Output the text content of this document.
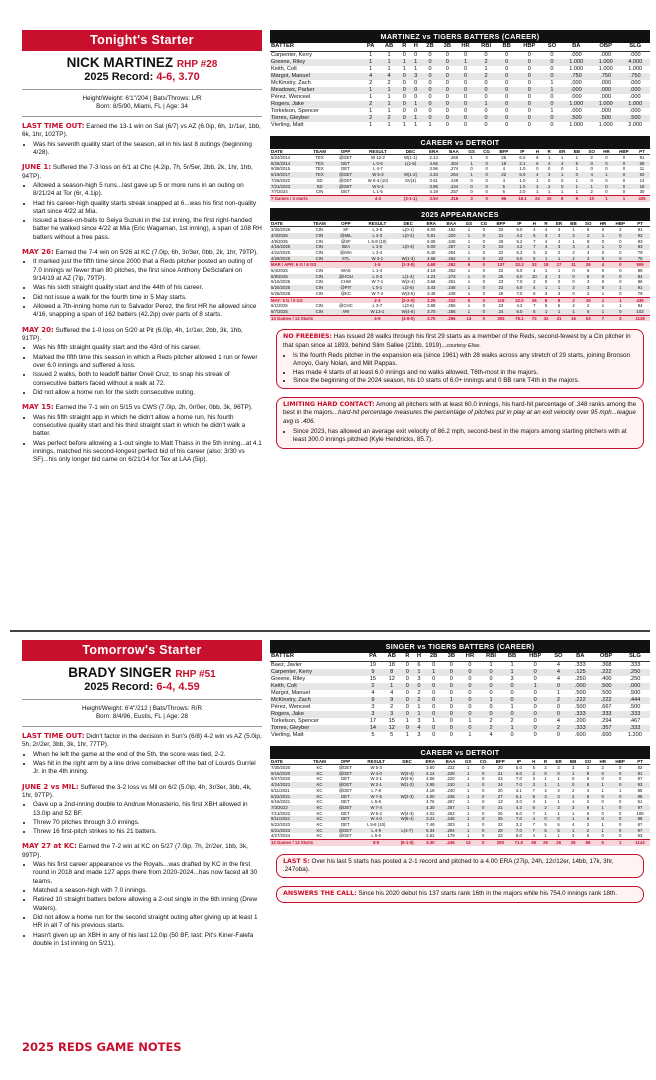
Tonight's Starter
NICK MARTINEZ RHP #28
2025 Record: 4-6, 3.70
Height/Weight: 6'1"/204 | Bats/Throws: L/R
Born: 8/5/90, Miami, FL | Age: 34
LAST TIME OUT: Earned the 13-1 win on Sat (6/7) vs AZ (6.0ip, 6h, 1r/1er, 1bb, 6k, 1hr, 102TP).
• Was his seventh quality start of the season, all in his last 8 outings (beginning 4/28).
JUNE 1: Suffered the 7-3 loss on 6/1 at Chc (4.2ip, 7h, 5r/5er, 2bb, 2k, 1hr, 1hb, 94TP).
• Allowed a season-high 5 runs...last gave up 5 or more runs in an outing on 8/21/24 at Tor (6r, 4.1ip).
• Had his career-high quality starts streak snapped at 6...was his first non-quality start since 4/22 at Mia.
• Issued a base-on-balls to Seiya Suzuki in the 1st inning, the first right-handed batter he walked since 4/22 at Mia (Eric Wagaman, 1st inning), a span of 108 RH batters without a free pass.
MAY 26: Earned the 7-4 win on 5/26 at KC (7.0ip, 6h, 3r/3er, 0bb, 2k, 1hr, 79TP).
• It marked just the fifth time since 2000 that a Reds pitcher posted an outing of 7.0 innings w/ fewer than 80 pitches, the first since Anthony DeSclafani on 9/14/19 at AZ (7ip, 79TP).
• Was his sixth straight quality start and the 44th of his career.
• Did not issue a walk for the fourth time in 5 May starts.
• Allowed a 7th-inning home run to Salvador Perez, the first HR he allowed since 4/16, snapping a span of 162 batters (42.2ip) over parts of 8 starts.
MAY 20: Suffered the 1-0 loss on 5/20 at Pit (6.0ip, 4h, 1r/1er, 2bb, 3k, 1hb, 91TP).
• Was his fifth straight quality start and the 43rd of his career.
• Marked the fifth time this season in which a Reds pitcher allowed 1 run or fewer over 6.0 innings and suffered a loss.
• Issued 2 walks, both to leadoff batter Oneil Cruz, to snap his streak of consecutive batters faced without a walk at 72.
• Did not allow a home run for the sixth consecutive outing.
MAY 15: Earned the 7-1 win on 5/15 vs CWS (7.0ip, 2h, 0r/0er, 0bb, 3k, 96TP).
• Was his fifth straight app in which he didn't allow a home run, his fourth consecutive quality start and his third straight start in which he didn't walk a batter.
• Was perfect before allowing a 1-out single to Matt Thaiss in the 5th inning...at 4.1 innings, matched his second-longest perfect bid of his career (also: 3/30 vs SF)...his only longer bid came on 6/21/14 for Tex at LAA (5ip).
MARTINEZ vs TIGERS BATTERS (CAREER)
BATTER	PA	AB	R	H	2B	3B	HR	RBI	BB	HBP	SO	BA	OBP	SLG
Carpenter, Kerry	1	1	0	0	0	0	0	0	0	0	0	.000	.000	.000
Greene, Riley	1	1	1	1	0	0	1	2	0	0	0	1.000	1.000	4.000
Keith, Colt	1	1	1	1	0	0	0	1	0	0	0	1.000	1.000	1.000
Margot, Manuel	4	4	0	3	0	0	0	2	0	0	0	.750	.750	.750
McKinstry, Zach	2	2	0	0	0	0	0	0	0	0	1	.000	.000	.000
Meadows, Parker	1	1	0	0	0	0	0	0	0	0	1	.000	.000	.000
Pérez, Wenceel	1	1	0	0	0	0	0	0	0	0	0	.000	.000	.000
Rogers, Jake	2	1	0	1	0	0	0	1	0	0	0	1.000	1.000	1.000
Torkelson, Spencer	1	1	0	0	0	0	0	0	0	0	1	.000	.000	.000
Torres, Gleyber	2	2	0	1	0	0	0	0	0	0	0	.500	.500	.500
Vierling, Matt	1	1	1	1	1	0	0	0	0	0	0	1.000	1.000	2.000
CAREER vs DETROIT
DATE	TEAM	OPP	RESULT	DEC	ERA	BAA	GS	CG	BFP	IP	H	R	ER	BB	SO	HR	HBP	PT
5/24/2014	TEX	@DET	W 12-2	W(1-1)	2.14	.266	1	0	25	6.0	8	1	1	1	2	0	0	91
8/26/2014	TEX	DET	L 0-6	L(1-5)	4.65	.304	1	0	18	2.1	6	4	4	5	0	0	0	69
9/28/2015	TEX	DET	L 4-7		3.96	.274	0	0	4	1.0	0	0	0	1	0	0	0	11
5/19/2017	TEX	@DET	W 5-3	W(1-2)	4.33	.264	1	0	22	5.0	4	3	1	0	4	1	0	92
7/26/2022	SD	@DET	W 6-4 (10)	SV(4)	3.61	.249	0	0	4	1.0	1	0	0	1	0	0	0	14
7/21/2023	SD	@DET	W 5-4		3.95	.244	0	0	5	1.0	2	2	0	1	1	0	0	18
7/7/2024	CIN	DET	L 1-5		4.19	.257	0	0	6	2.0	1	1	1	1	2	0	0	30
7 Games / 3 starts			4-3	(2-1-1)	3.93	.316	3	0	86	18.1	24	10	8	9	10	1	1	325
2025 APPEARANCES
DATE	TEAM	OPP	RESULT	DEC	ERA	BAA	GS	CG	BFP	IP	H	R	ER	BB	SO	HR	HBP	PT
3/30/2025	CIN	SF	L 3-6	L(0-1)	6.00	.182	1	0	23	6.0	4	4	4	1	5	0	2	91
4/4/2025	CIN	@MIL	L 2-3	L(0-2)	5.91	.220	1	0	21	4.2	5	3	3	2	2	1	0	92
4/9/2025	CIN	@SF	L 6-8 (10)		6.06	.246	1	0	25	5.2	7	4	4	1	8	0	0	93
4/16/2025	CIN	SEA	L 3-5	L(0-3)	6.00	.267	1	0	24	4.2	7	4	3	3	4	1	0	83
4/22/2025	CIN	@MIA	L 3-4		5.40	.264	1	0	22	5.2	5	2	2	2	4	0	0	79
4/28/2025	CIN	STL	W 3-1	W(1-3)	4.68	.262	1	0	22	6.0	5	1	1	2	3	0	0	76
MAR / APR: 6 G / 6 GS			1-5	(1-3-0)	4.68	.262	6	0	137	32.2	33	18	17	11	26	4	0	506
5/4/2025	CIN	WAS	L 1-4		4.19	.252	1	0	22	6.0	4	1	1	0	6	0	0	88
5/9/2025	CIN	@HOU	L 0-3	L(1-4)	4.23	.273	1	0	26	6.0	10	3	3	0	5	0	0	84
5/15/2025	CIN	CHW	W 7-1	W(2-4)	3.66	.251	1	0	23	7.0	2	0	0	0	3	0	0	96
5/20/2025	CIN	@PIT	L 0-1	L(2-5)	3.43	.248	1	0	22	6.0	4	1	1	2	3	0	1	91
5/26/2025	CIN	@KC	W 7-4	W(3-5)	3.48	.248	1	0	26	7.0	6	3	3	0	2	1	0	79
MAY: 5 G / 5 GS			2-3	(2-2-0)	2.25	.232	5	0	119	32.0	26	8	8	2	19	1	1	436
6/1/2025	CIN	@CHC	L 3-7	L(3-6)	3.89	.256	1	0	23	4.2	7	5	5	2	2	1	1	94
6/7/2025	CIN	ARI	W 13-1	W(4-6)	3.70	.256	1	0	24	6.0	6	1	1	1	6	1	0	102
13 Games / 13 Starts			4-9	(4-6-0)	3.70	.256	13	0	303	75.1	72	32	31	16	53	7	2	1138
NO FREEBIES: Has issued 28 walks through his first 29 starts as a member of the Reds, second-fewest by a Cin pitcher in that span since at 1893, behind Slim Sallee (21bb, 1919)...courtesy Elias.
• Is the fourth Reds pitcher in the expansion era (since 1961) with 28 walks across any stretch of 29 starts, joining Bronson Arroyo, Gary Nolan, and Milt Pappas.
• Has made 4 starts of at least 6.0 innings and no walks allowed, T6th-most in the majors.
• Since the beginning of the 2024 season, his 10 starts of 6.0+ innings and 0 BB rank T4th in the majors.
LIMITING HARD CONTACT: Among all pitchers with at least 60.0 innings, his hard-hit percentage of .348 ranks among the best in the majors...hard-hit percentage measures the percentage of pitches put in play at an exit velocity over 95 mph...league avg is .406.
• Since 2023, has allowed an average exit velocity of 86.2 mph, second-best in the majors among starting pitchers with at least 300.0 innings pitched (Kyle Hendricks, 85.7).
Tomorrow's Starter
BRADY SINGER RHP #51
2025 Record: 6-4, 4.59
Height/Weight: 6'4"/212 | Bats/Throws: R/R
Born: 8/4/96, Eustis, FL | Age: 28
LAST TIME OUT: Didn't factor in the decision in Sun's (6/8) 4-2 win vs AZ (5.0ip, 5h, 2r/2er, 3bb, 3k, 1hr, 77TP).
• When he left the game at the end of the 5th, the score was tied, 2-2.
• Was hit in the right arm by a line drive comebacker off the bat of Lourds Gurriel Jr. in the 4th inning.
JUNE 2 vs MIL: Suffered the 3-2 loss vs Mil on 6/2 (5.0ip, 4h, 3r/3er, 3bb, 4k, 1hr, 97TP).
• Gave up a 2nd-inning double to Andruw Monasterio, his first XBH allowed in 13.0ip and 52 BF.
• Threw 70 pitches through 3.0 innings.
• Threw 16 first-pitch strikes to his 21 batters.
MAY 27 at KC: Earned the 7-2 win at KC on 5/27 (7.0ip, 7h, 2r/2er, 1bb, 3k, 99TP).
• Was his first career appearance vs the Royals...was drafted by KC in the first round in 2018 and made 127 apps there from 2020-2024...has now faced all 30 teams.
• Matched a season-high with 7.0 innings.
• Retired 10 straight batters before allowing a 2-out single in the 6th inning (Drew Waters).
• Did not allow a home run for the second straight outing after giving up at least 1 HR in all 7 of his previous starts.
• Hasn't given up an XBH in any of his last 12.0ip (50 BF, last: Pit's Kiner-Falefa double in 1st inning on 5/21).
SINGER vs TIGERS BATTERS (CAREER)
BATTER	PA	AB	R	H	2B	3B	HR	RBI	BB	HBP	SO	BA	OBP	SLG
Baez, Javier	19	18	0	6	0	0	0	1	1	0	4	.333	.368	.333
Carpenter, Kerry	9	8	0	1	1	0	0	0	1	0	4	.125	.222	.250
Greene, Riley	15	12	0	3	0	0	0	0	3	0	4	.250	.400	.250
Keith, Colt	2	1	0	0	0	0	0	0	0	1	0	.000	.500	.000
Margot, Manuel	4	4	0	2	0	0	0	0	0	0	1	.500	.500	.500
McKinstry, Zach	9	9	0	2	0	1	0	1	0	0	2	.222	.222	.444
Pérez, Wenceel	3	2	0	1	0	0	0	0	1	0	0	.500	.667	.500
Rogers, Jake	3	3	0	1	0	0	0	0	0	0	0	.333	.333	.333
Torkelson, Spencer	17	15	1	3	1	0	1	2	2	0	4	.200	.294	.467
Torres, Gleyber	14	12	0	4	0	0	0	2	1	0	2	.333	.357	.333
Vierling, Matt	5	5	1	3	0	0	1	4	0	0	0	.600	.600	1.200
CAREER vs DETROIT
DATE	TEAM	OPP	RESULT	DEC	ERA	BAA	GS	CG	BFP	IP	H	R	ER	BB	SO	HR	HBP	PT
7/30/2020	KC	@DET	W 5-3		3.60	.222	1	0	20	5.0	5	2	2	3	2	2	0	82
9/16/2020	KC	@DET	W 4-0	W(3-4)	4.14	.228	1	0	21	6.0	2	0	0	1	8	0	0	81
9/27/2020	KC	DET	W 3-1	W(4-5)	4.06	.220	1	0	23	7.0	3	1	1	0	5	0	0	87
4/24/2021	KC	@DET	W 2-1	W(1-2)	2.95	.210	1	0	24	7.0	3	1	1	0	8	1	0	93
5/11/2021	KC	@DET	L 7-8		4.18	.240	1	0	20	3.1	7	4	4	2	4	1	1	85
5/22/2021	KC	DET	W 7-5	W(2-3)	4.00	.246	1	0	27	6.1	6	3	3	2	6	0	0	96
6/16/2021	KC	DET	L 5-6		4.76	.267	1	0	13	3.0	4	1	1	1	2	0	0	51
7/3/2022	KC	@DET	W 7-4		4.30	.257	1	0	21	4.2	6	2	3	3	9	1	0	97
7/13/2022	KC	DET	W 5-2	W(4-3)	4.02	.262	1	0	26	6.0	7	1	1	1	5	0	0	105
9/11/2022	KC	DET	W 4-0	W(8-4)	3.21	.246	1	0	25	7.0	4	0	0	1	6	0	0	88
5/22/2023	KC	DET	L 5-8 (10)		7.48	.303	1	0	22	3.2	7	5	5	4	3	1	0	87
6/21/2023	KC	@DET	L 4-9	L(4-7)	6.34	.294	1	0	28	7.0	7	5	5	1	2	1	0	97
4/27/2024	KC	@DET	L 5-6		2.62	.179	1	0	23	5.0	4	1	1	3	6	0	0	93
13 Games / 13 Starts			8-5	(6-1-0)	3.30	.245	13	0	293	71.0	65	26	26	25	68	6	1	1142
LAST 5: Over his last 5 starts has posted a 2-1 record and pitched to a 4.00 ERA (27ip, 24h, 12r/12er, 14bb, 17k, 3hr, .247oba).
ANSWERS THE CALL: Since his 2020 debut his 137 starts rank 16th in the majors while his 754.0 innings rank 18th.
2025 REDS GAME NOTES
